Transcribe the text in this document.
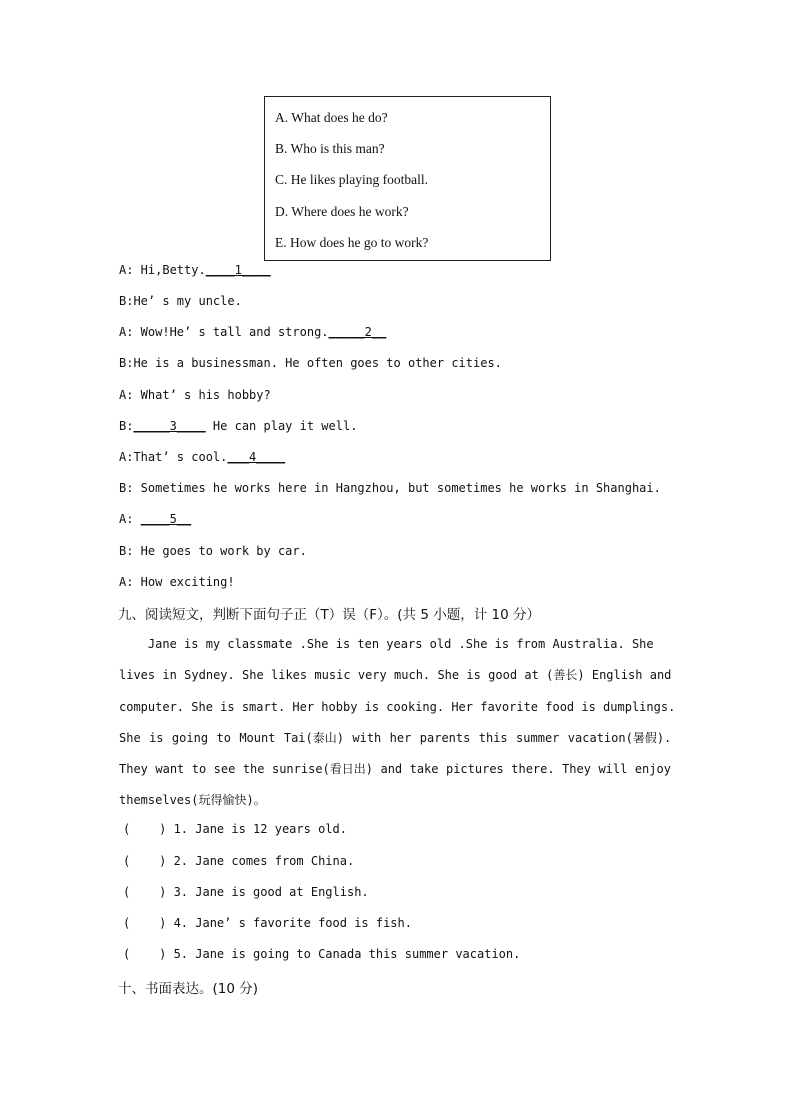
A. What does he do?
B. Who is this man?
C. He likes playing football.
D. Where does he work?
E. How does he go to work?
A: Hi,Betty.____1____
B:He’ s my uncle.
A: Wow!He’ s tall and strong._____2__
B:He is a businessman. He often goes to other cities.
A: What’ s his hobby?
B:_____3____ He can play it well.
A:That’ s cool.___4____
B: Sometimes he works here in Hangzhou, but sometimes he works in Shanghai.
A: ____5__
B: He goes to work by car.
A: How exciting!
九、阅读短文，判断下面句子正（T）误（F）。(共 5 小题，计 10 分）
Jane is my classmate .She is ten years old .She is from Australia. She
lives in Sydney. She likes music very much. She is good at (善长) English and
computer. She is smart. Her hobby is cooking. Her favorite food is dumplings.
She is going to Mount Tai(泰山) with her parents this summer vacation(暑假).
They want to see the sunrise(看日出) and take pictures there. They will enjoy
themselves(玩得愉快)。
(    ) 1. Jane is 12 years old.
(    ) 2. Jane comes from China.
(    ) 3. Jane is good at English.
(    ) 4. Jane’ s favorite food is fish.
(    ) 5. Jane is going to Canada this summer vacation.
十、书面表达。(10 分)
